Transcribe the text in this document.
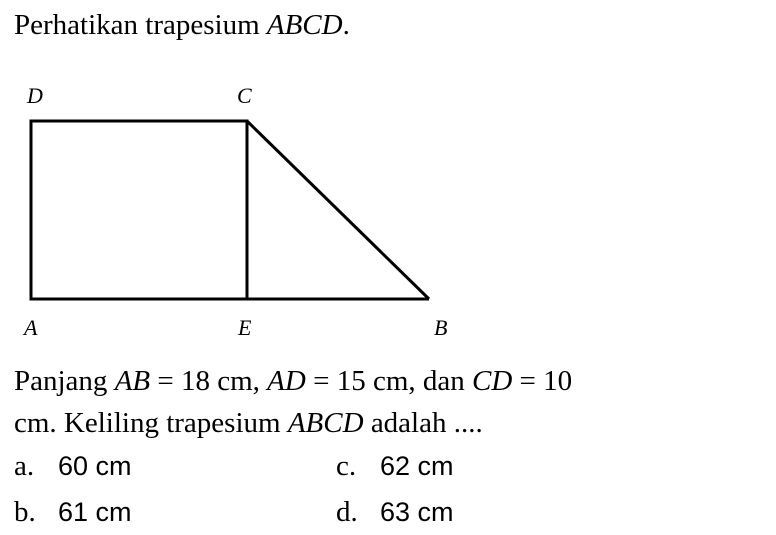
Perhatikan trapesium ABCD.
D	C
A	E	B
Panjang AB = 18 cm, AD = 15 cm, dan CD = 10
cm. Keliling trapesium ABCD adalah ....
a. 60 cm	c. 62 cm
b. 61 cm	d. 63 cm
